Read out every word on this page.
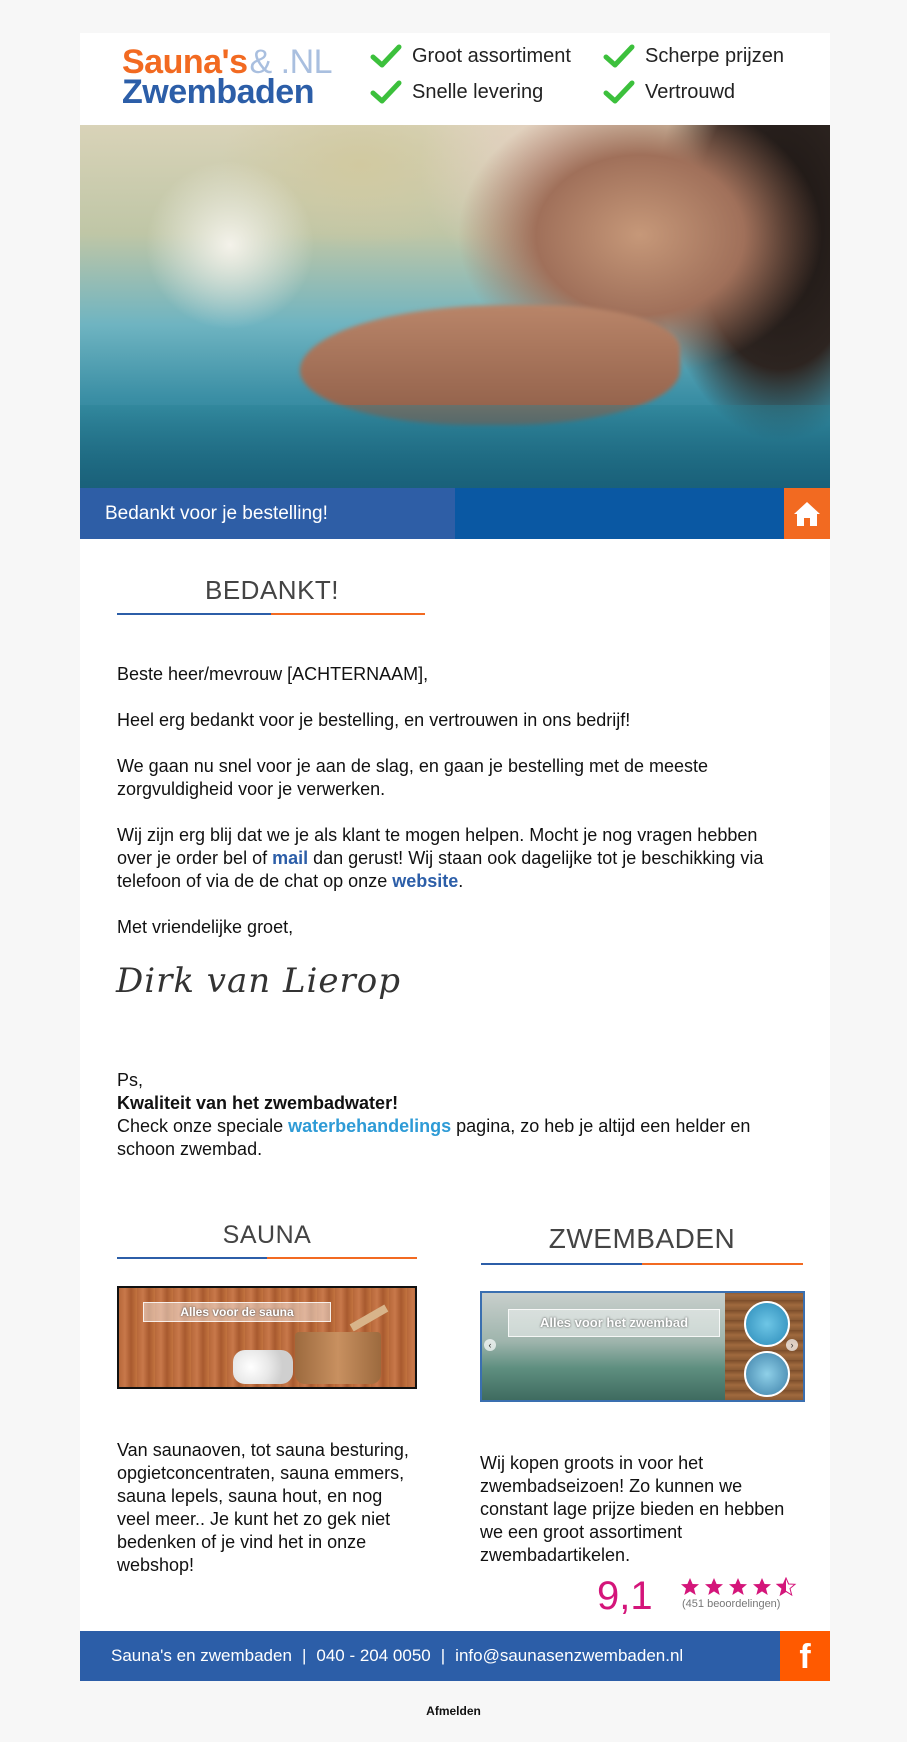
Sauna's& .NL
Zwembaden
Groot assortiment	Scherpe prijzen
Snelle levering	Vertrouwd
Bedankt voor je bestelling!
BEDANKT!

Beste heer/mevrouw [ACHTERNAAM],

Heel erg bedankt voor je bestelling, en vertrouwen in ons bedrijf!

We gaan nu snel voor je aan de slag, en gaan je bestelling met de meeste zorgvuldigheid voor je verwerken.

Wij zijn erg blij dat we je als klant te mogen helpen. Mocht je nog vragen hebben over je order bel of mail dan gerust! Wij staan ook dagelijke tot je beschikking via telefoon of via de de chat op onze website.

Met vriendelijke groet,

Dirk van Lierop
Ps,
Kwaliteit van het zwembadwater!
Check onze speciale waterbehandelings pagina, zo heb je altijd een helder en schoon zwembad.
SAUNA
Alles voor de sauna
Van saunaoven, tot sauna besturing, opgietconcentraten, sauna emmers, sauna lepels, sauna hout, en nog veel meer.. Je kunt het zo gek niet bedenken of je vind het in onze webshop!
ZWEMBADEN
Alles voor het zwembad
‹	›
Wij kopen groots in voor het zwembadseizoen! Zo kunnen we constant lage prijze bieden en hebben we een groot assortiment zwembadartikelen.
9,1	(451 beoordelingen)
Sauna's en zwembaden | 040 - 204 0050 | info@saunasenzwembaden.nl	f
Afmelden
